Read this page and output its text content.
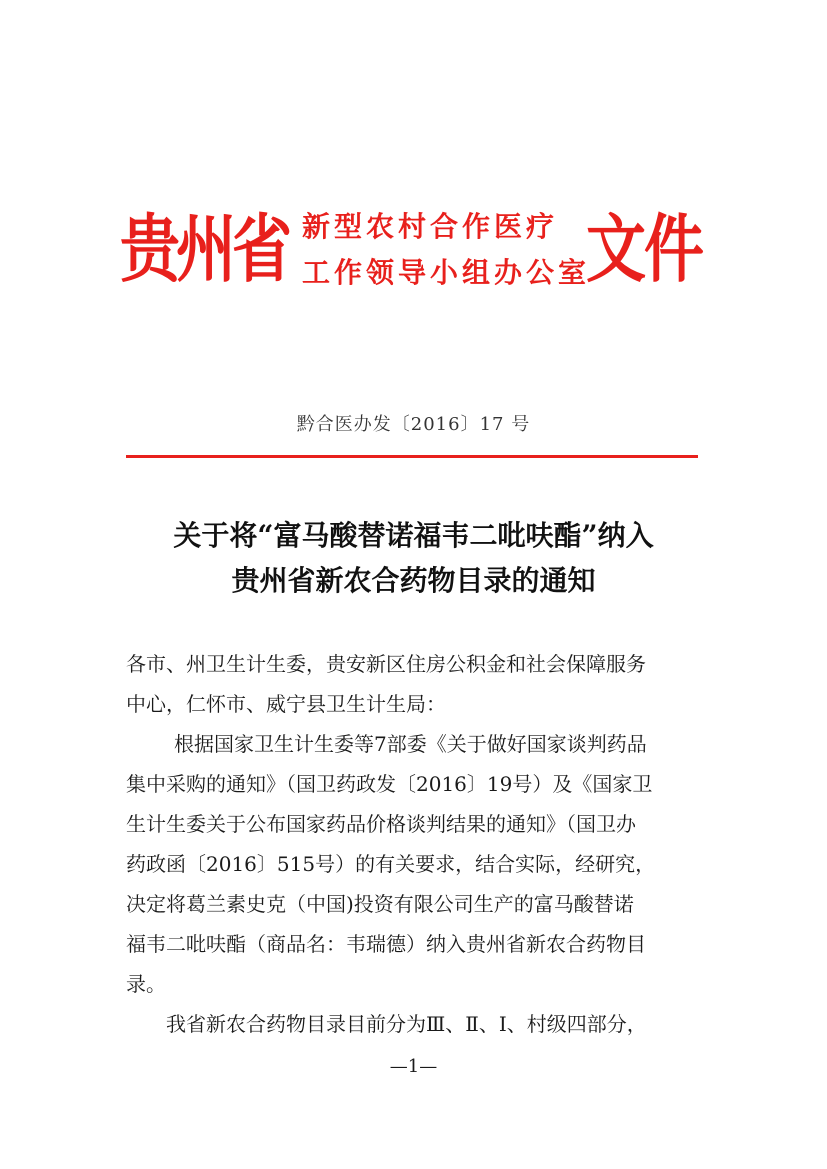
贵州省 新型农村合作医疗
工作领导小组办公室
文件
黔合医办发〔2016〕17 号
关于将“富马酸替诺福韦二吡呋酯”纳入
贵州省新农合药物目录的通知
各市、州卫生计生委，贵安新区住房公积金和社会保障服务
中心，仁怀市、威宁县卫生计生局：
根据国家卫生计生委等7部委《关于做好国家谈判药品
集中采购的通知》（国卫药政发〔2016〕19号）及《国家卫
生计生委关于公布国家药品价格谈判结果的通知》（国卫办
药政函〔2016〕515号）的有关要求，结合实际，经研究，
决定将葛兰素史克（中国)投资有限公司生产的富马酸替诺
福韦二吡呋酯（商品名：韦瑞德）纳入贵州省新农合药物目
录。
我省新农合药物目录目前分为Ⅲ、Ⅱ、Ⅰ、村级四部分，
—1—
